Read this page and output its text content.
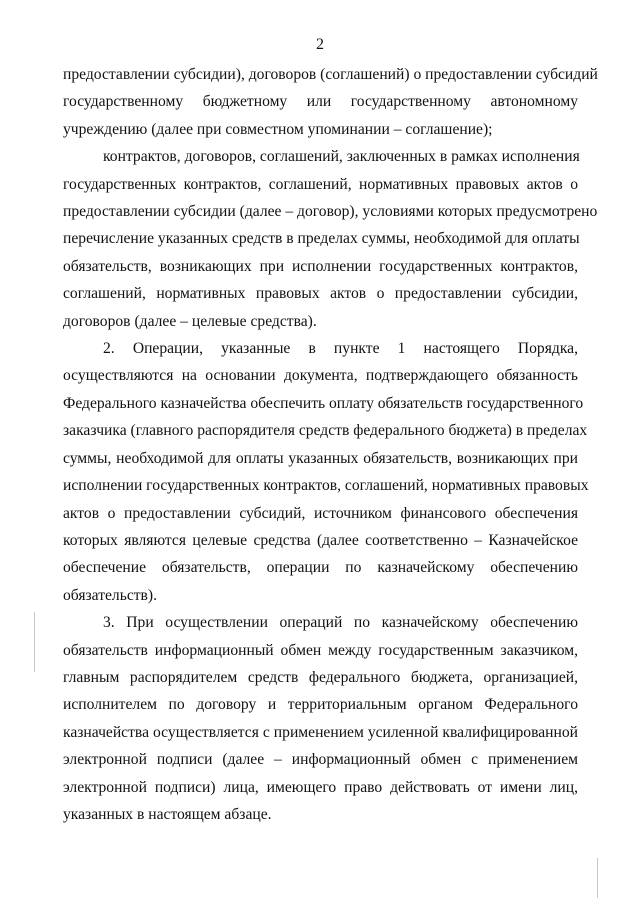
2
предоставлении субсидии), договоров (соглашений) о предоставлении субсидий
государственному бюджетному или государственному автономному
учреждению (далее при совместном упоминании – соглашение);
контрактов, договоров, соглашений, заключенных в рамках исполнения
государственных контрактов, соглашений, нормативных правовых актов о
предоставлении субсидии (далее – договор), условиями которых предусмотрено
перечисление указанных средств в пределах суммы, необходимой для оплаты
обязательств, возникающих при исполнении государственных контрактов,
соглашений, нормативных правовых актов о предоставлении субсидии,
договоров (далее – целевые средства).
2. Операции, указанные в пункте 1 настоящего Порядка,
осуществляются на основании документа, подтверждающего обязанность
Федерального казначейства обеспечить оплату обязательств государственного
заказчика (главного распорядителя средств федерального бюджета) в пределах
суммы, необходимой для оплаты указанных обязательств, возникающих при
исполнении государственных контрактов, соглашений, нормативных правовых
актов о предоставлении субсидий, источником финансового обеспечения
которых являются целевые средства (далее соответственно – Казначейское
обеспечение обязательств, операции по казначейскому обеспечению
обязательств).
3. При осуществлении операций по казначейскому обеспечению
обязательств информационный обмен между государственным заказчиком,
главным распорядителем средств федерального бюджета, организацией,
исполнителем по договору и территориальным органом Федерального
казначейства осуществляется с применением усиленной квалифицированной
электронной подписи (далее – информационный обмен с применением
электронной подписи) лица, имеющего право действовать от имени лиц,
указанных в настоящем абзаце.
